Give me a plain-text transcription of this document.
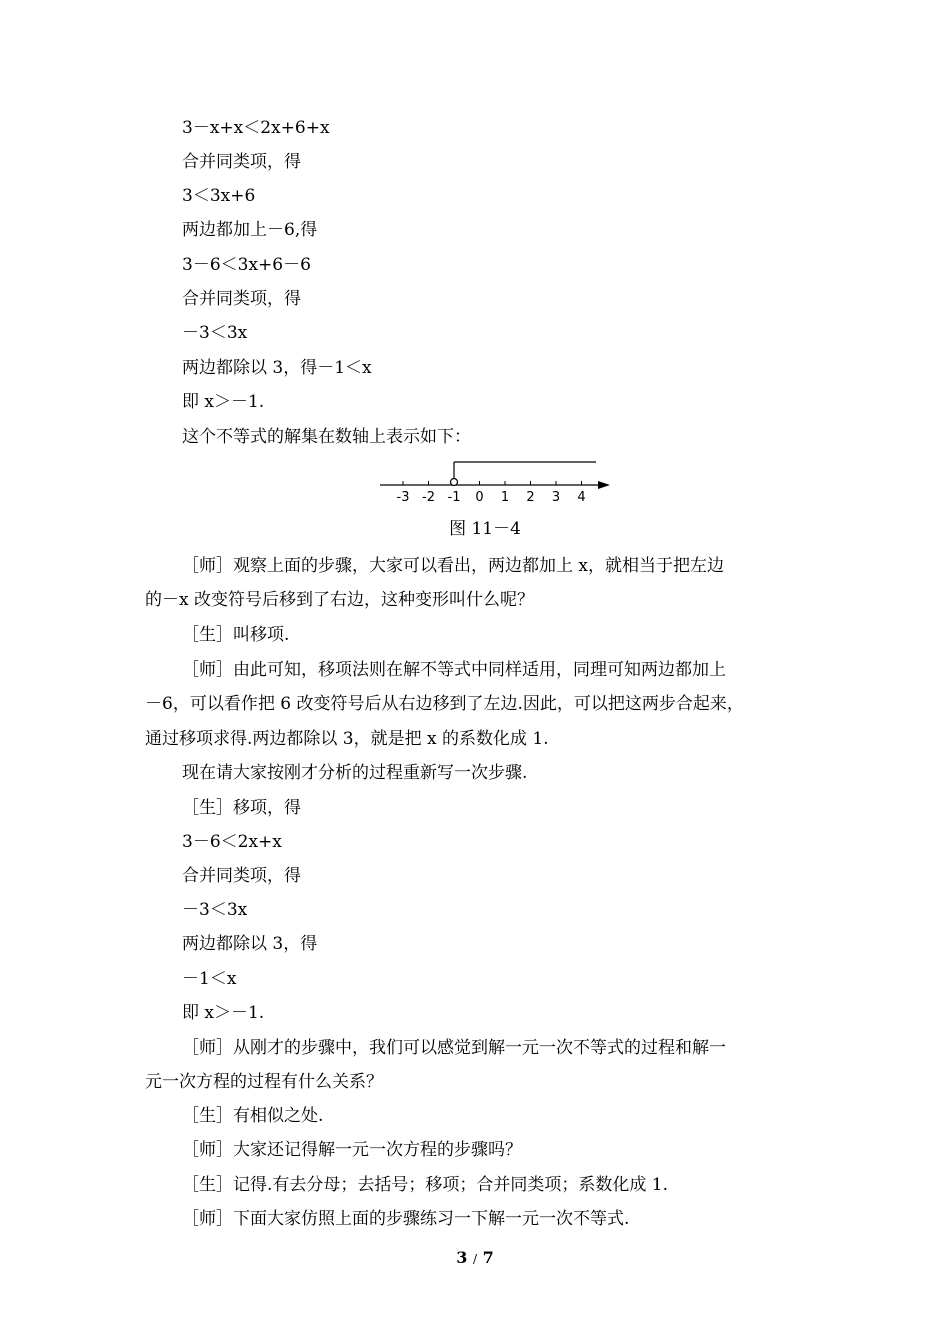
3－x+x＜2x+6+x
合并同类项，得
3＜3x+6
两边都加上－6,得
3－6＜3x+6－6
合并同类项，得
－3＜3x
两边都除以 3，得－1＜x
即 x＞－1.
这个不等式的解集在数轴上表示如下：
图 11－4
［师］观察上面的步骤，大家可以看出，两边都加上 x，就相当于把左边
的－x 改变符号后移到了右边，这种变形叫什么呢？
［生］叫移项.
［师］由此可知，移项法则在解不等式中同样适用，同理可知两边都加上
－6，可以看作把 6 改变符号后从右边移到了左边.因此，可以把这两步合起来，
通过移项求得.两边都除以 3，就是把 x 的系数化成 1.
现在请大家按刚才分析的过程重新写一次步骤.
［生］移项，得
3－6＜2x+x
合并同类项，得
－3＜3x
两边都除以 3，得
－1＜x
即 x＞－1.
［师］从刚才的步骤中，我们可以感觉到解一元一次不等式的过程和解一
元一次方程的过程有什么关系？
［生］有相似之处.
［师］大家还记得解一元一次方程的步骤吗？
［生］记得.有去分母；去括号；移项；合并同类项；系数化成 1.
［师］下面大家仿照上面的步骤练习一下解一元一次不等式.
-3 -2 -1 0 1 2 3 4
3 / 7
